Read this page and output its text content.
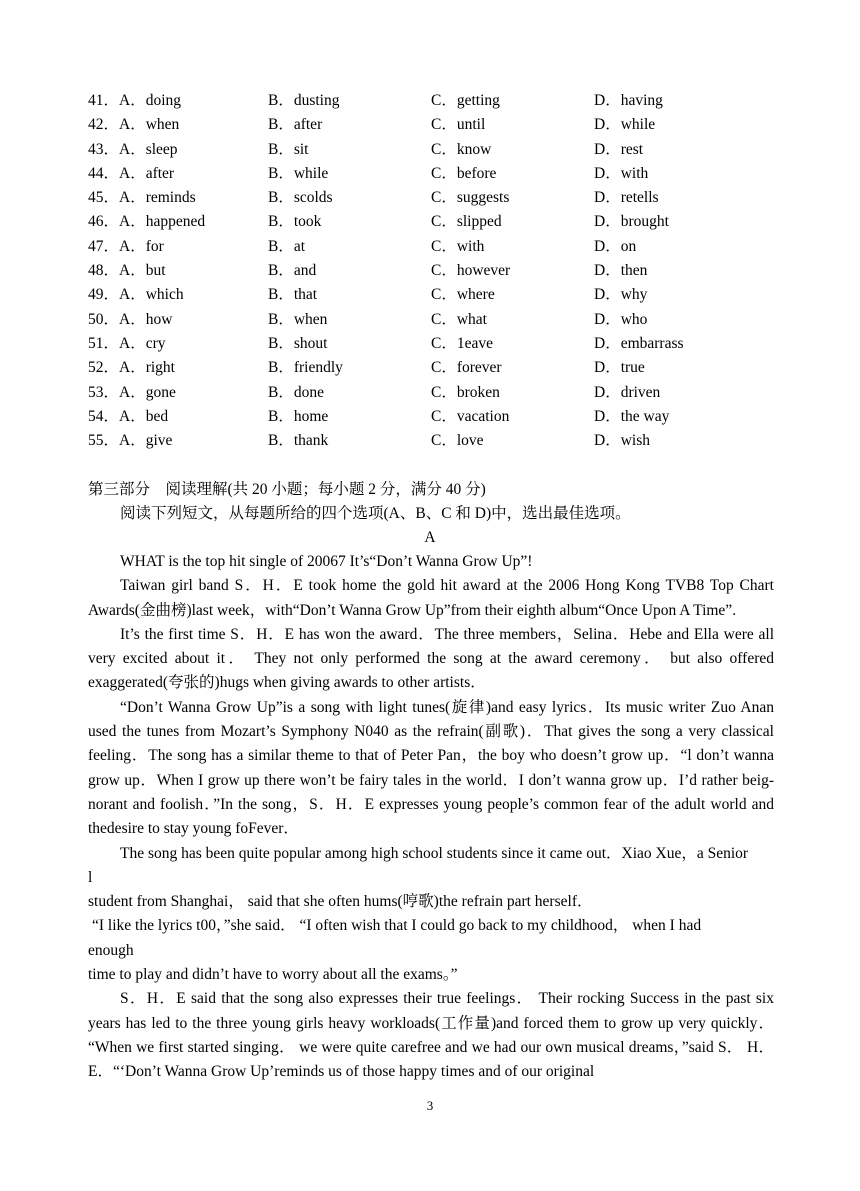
41．A．doing	B．dusting	C．getting	D．having
42．A．when	B．after	C．until	D．while
43．A．sleep	B．sit	C．know	D．rest
44．A．after	B．while	C．before	D．with
45．A．reminds	B．scolds	C．suggests	D．retells
46．A．happened	B．took	C．slipped	D．brought
47．A．for	B．at	C．with	D．on
48．A．but	B．and	C．however	D．then
49．A．which	B．that	C．where	D．why
50．A．how	B．when	C．what	D．who
51．A．cry	B．shout	C．1eave	D．embarrass
52．A．right	B．friendly	C．forever	D．true
53．A．gone	B．done	C．broken	D．driven
54．A．bed	B．home	C．vacation	D．the way
55．A．give	B．thank	C．love	D．wish
第三部分　阅读理解(共 20 小题；每小题 2 分，满分 40 分)
阅读下列短文，从每题所给的四个选项(A、B、C 和 D)中，选出最佳选项。
A

WHAT is the top hit single of 20067 It’s“Don’t Wanna Grow Up”!

Taiwan girl band S．H．E took home the gold hit award at the 2006 Hong Kong TVB8 Top Chart Awards(金曲榜)last week，with“Don’t Wanna Grow Up”from their eighth album“Once Upon A Time”.

It’s the first time S．H．E has won the award．The three members，Selina．Hebe and Ella were all very excited about it． They not only performed the song at the award ceremony． but also offered exaggerated(夸张的)hugs when giving awards to other artists．

“Don’t Wanna Grow Up”is a song with light tunes(旋律)and easy lyrics．Its music writer Zuo Anan used the tunes from Mozart’s Symphony N040 as the refrain(副歌)．That gives the song a very classical feeling．The song has a similar theme to that of Peter Pan，the boy who doesn’t grow up．“l don’t wanna grow up．When I grow up there won’t be fairy tales in the world．I don’t wanna grow up．I’d rather beig-norant and foolish．”In the song，S．H．E expresses young people’s common fear of the adult world and thedesire to stay young foFever．

The song has been quite popular among high school students since it came out．Xiao Xue，a Senior

l

student from Shanghai， said that she often hums(哼歌)the refrain part herself．

“I like the lyrics t00，”she said． “I often wish that I could go back to my childhood， when I had

enough

time to play and didn’t have to worry about all the exams。”

S．H．E said that the song also expresses their true feelings． Their rocking Success in the past six years has led to the three young girls heavy workloads(工作量)and forced them to grow up very quickly． “When we first started singing． we were quite carefree and we had our own musical dreams，”said S． H． E．“‘Don’t Wanna Grow Up’reminds us of those happy times and of our original

3
